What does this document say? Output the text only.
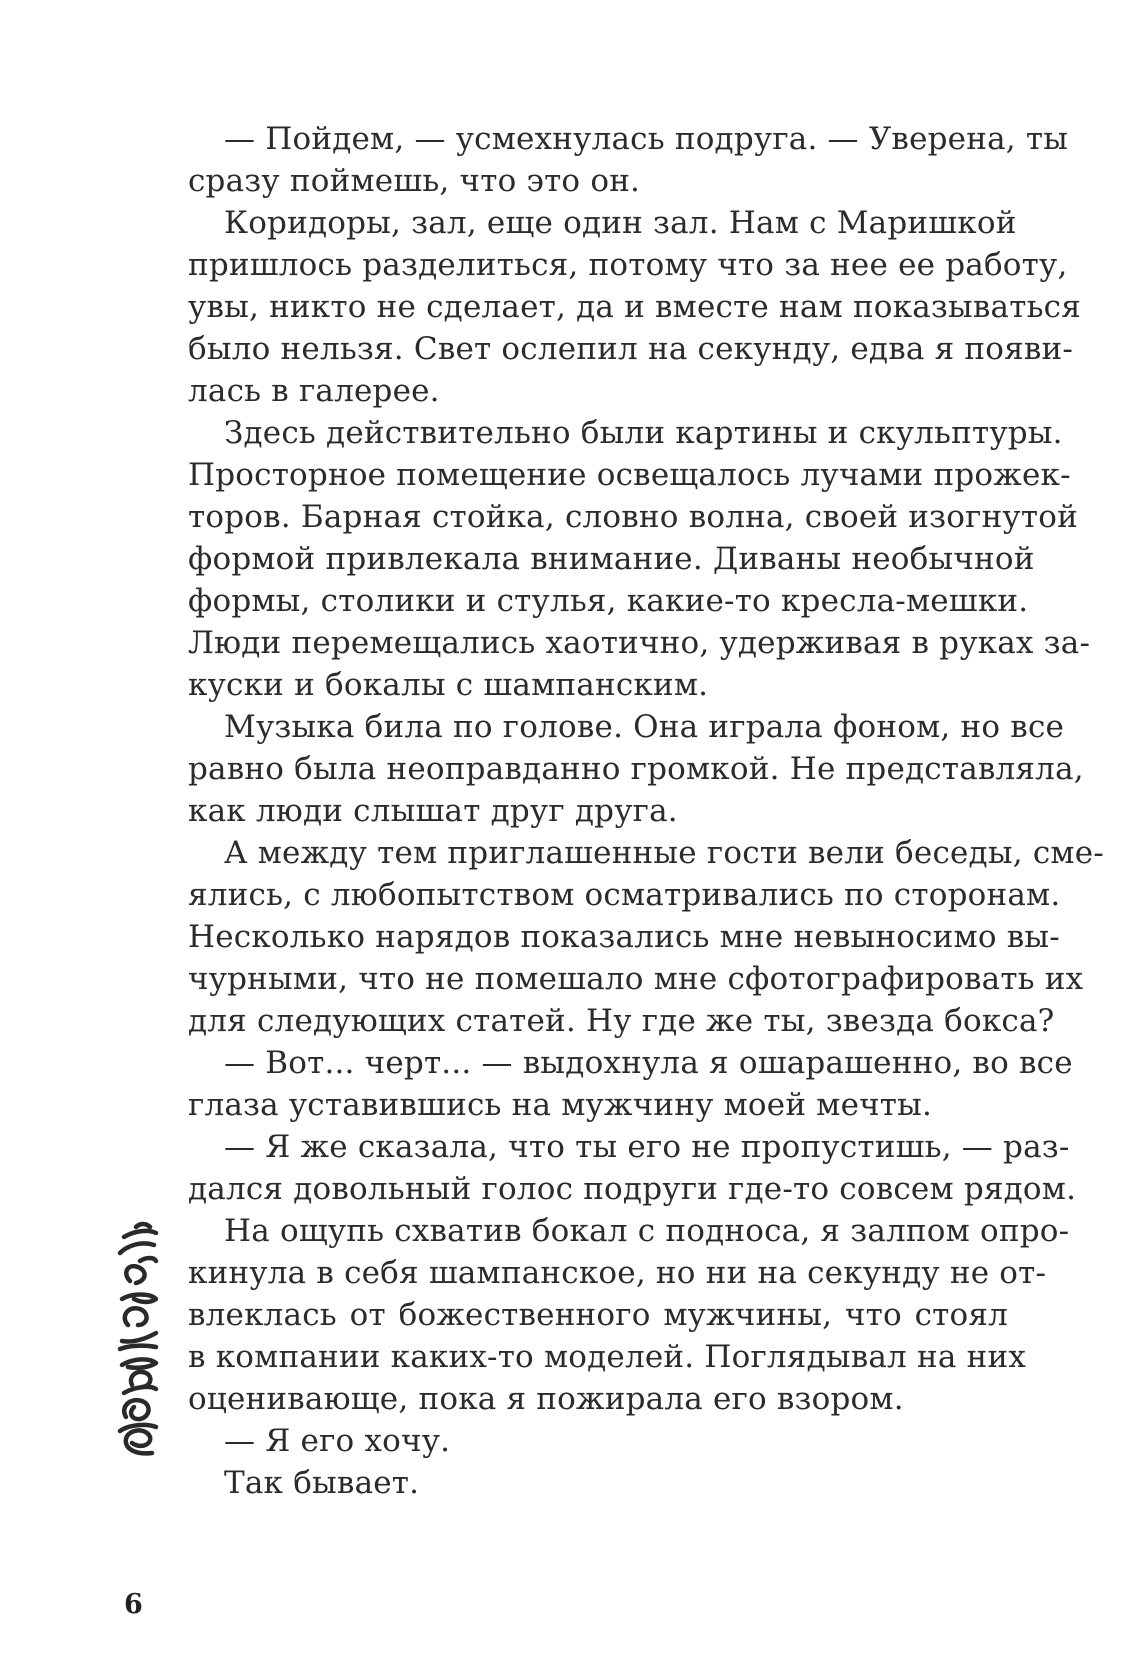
— Пойдем, — усмехнулась подруга. — Уверена, ты
сразу поймешь, что это он.
Коридоры, зал, еще один зал. Нам с Маришкой
пришлось разделиться, потому что за нее ее работу,
увы, никто не сделает, да и вместе нам показываться
было нельзя. Свет ослепил на секунду, едва я появи-
лась в галерее.
Здесь действительно были картины и скульптуры.
Просторное помещение освещалось лучами прожек-
торов. Барная стойка, словно волна, своей изогнутой
формой привлекала внимание. Диваны необычной
формы, столики и стулья, какие-то кресла-мешки.
Люди перемещались хаотично, удерживая в руках за-
куски и бокалы с шампанским.
Музыка била по голове. Она играла фоном, но все
равно была неоправданно громкой. Не представляла,
как люди слышат друг друга.
А между тем приглашенные гости вели беседы, сме-
ялись, с любопытством осматривались по сторонам.
Несколько нарядов показались мне невыносимо вы-
чурными, что не помешало мне сфотографировать их
для следующих статей. Ну где же ты, звезда бокса?
— Вот... черт... — выдохнула я ошарашенно, во все
глаза уставившись на мужчину моей мечты.
— Я же сказала, что ты его не пропустишь, — раз-
дался довольный голос подруги где-то совсем рядом.
На ощупь схватив бокал с подноса, я залпом опро-
кинула в себя шампанское, но ни на секунду не от-
влеклась от божественного мужчины, что стоял
в компании каких-то моделей. Поглядывал на них
оценивающе, пока я пожирала его взором.
— Я его хочу.
Так бывает.
6
